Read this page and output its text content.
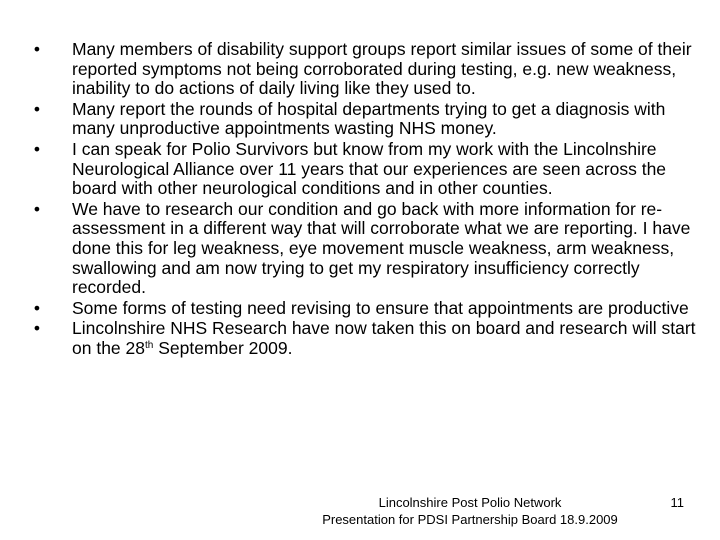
• Many members of disability support groups report similar issues of some of their reported symptoms not being corroborated during testing, e.g. new weakness, inability to do actions of daily living like they used to.
• Many report the rounds of hospital departments trying to get a diagnosis with many unproductive appointments wasting NHS money.
• I can speak for Polio Survivors but know from my work with the Lincolnshire Neurological Alliance over 11 years that our experiences are seen across the board with other neurological conditions and in other counties.
• We have to research our condition and go back with more information for re-assessment in a different way that will corroborate what we are reporting. I have done this for leg weakness, eye movement muscle weakness, arm weakness, swallowing and am now trying to get my respiratory insufficiency correctly recorded.
• Some forms of testing need revising to ensure that appointments are productive
• Lincolnshire NHS Research have now taken this on board and research will start on the 28th September 2009.
Lincolnshire Post Polio Network
Presentation for PDSI Partnership Board 18.9.2009
11
